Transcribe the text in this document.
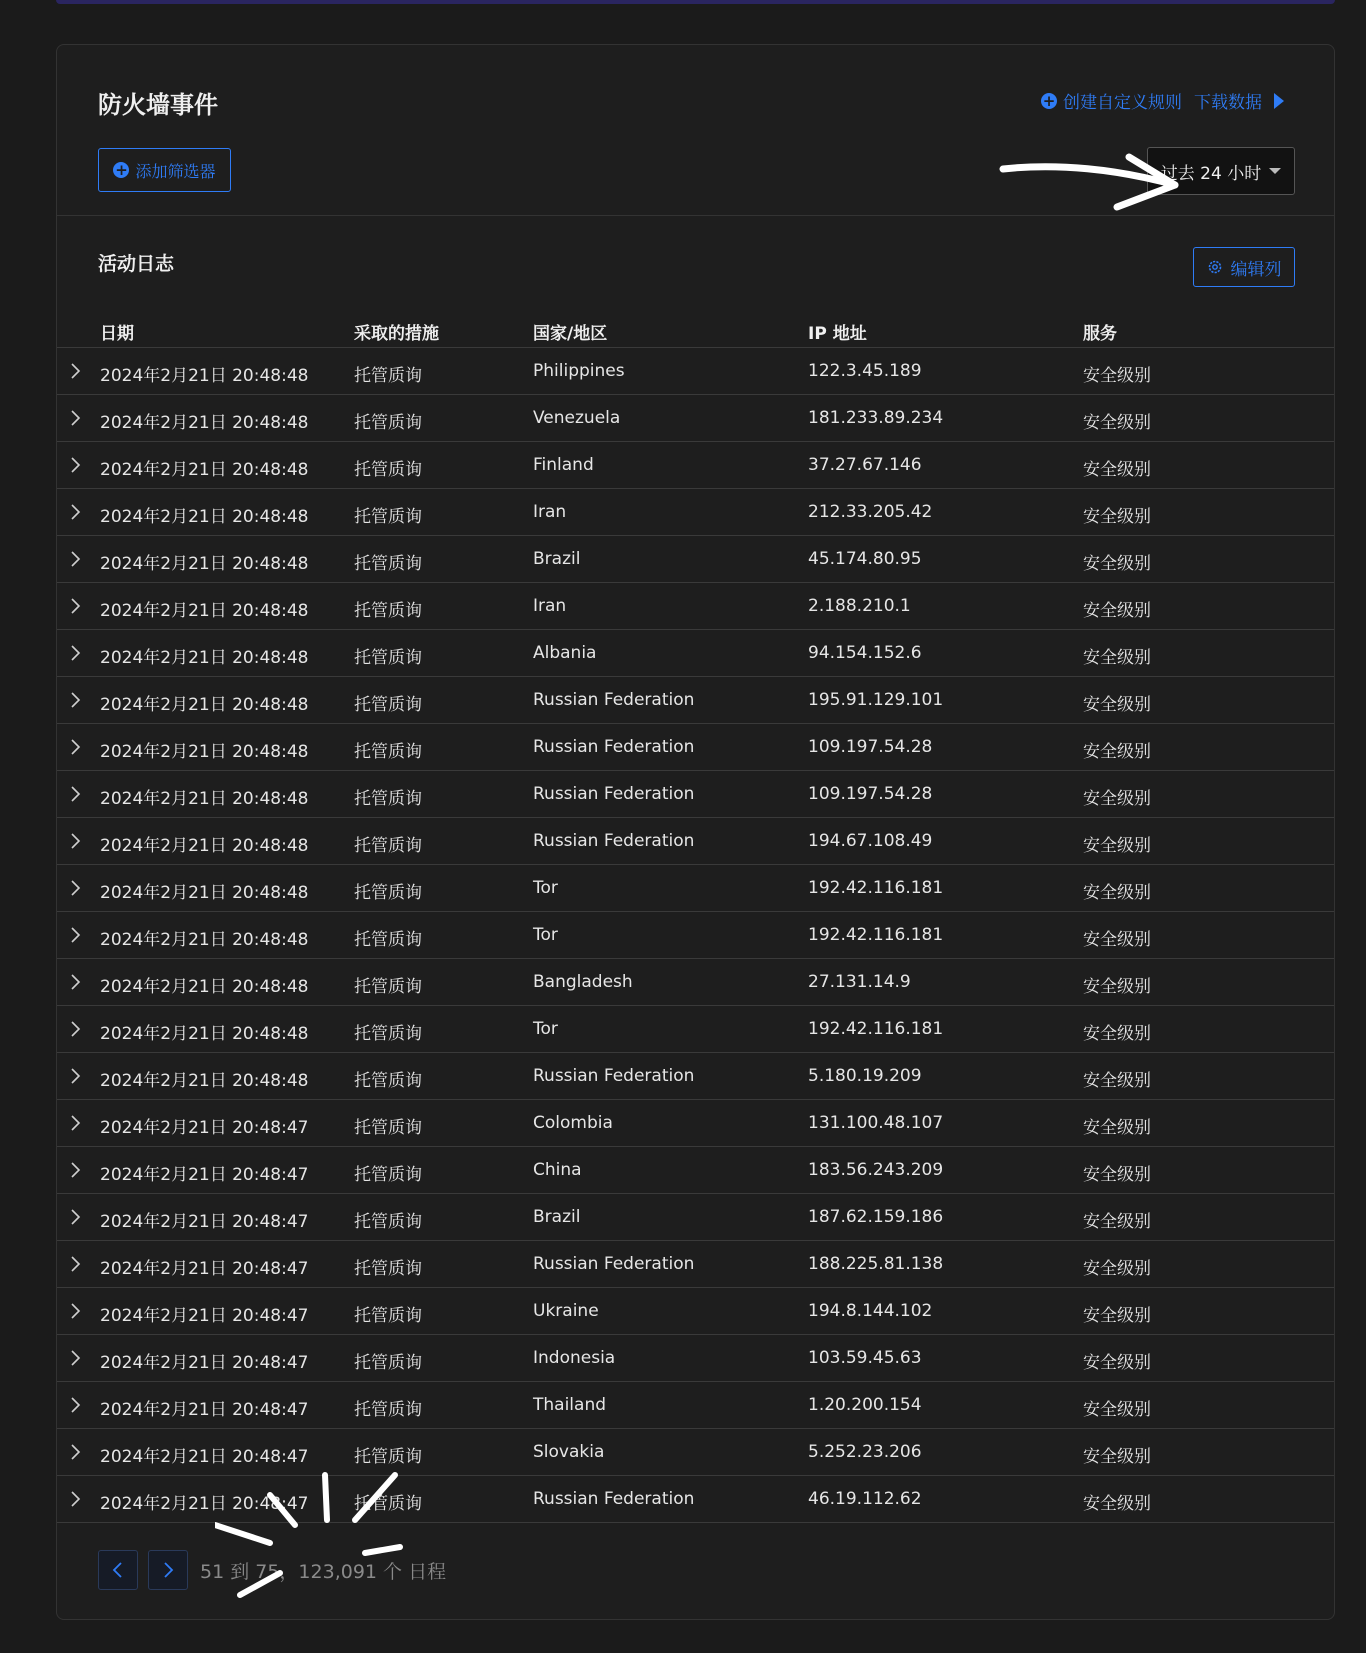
防火墙事件	+ 创建自定义规则 下载数据
+ 添加筛选器	过去 24 小时
活动日志	编辑列
日期	采取的措施	国家/地区	IP 地址	服务
2024年2月21日 20:48:48	托管质询	Philippines	122.3.45.189	安全级别
2024年2月21日 20:48:48	托管质询	Venezuela	181.233.89.234	安全级别
2024年2月21日 20:48:48	托管质询	Finland	37.27.67.146	安全级别
2024年2月21日 20:48:48	托管质询	Iran	212.33.205.42	安全级别
2024年2月21日 20:48:48	托管质询	Brazil	45.174.80.95	安全级别
2024年2月21日 20:48:48	托管质询	Iran	2.188.210.1	安全级别
2024年2月21日 20:48:48	托管质询	Albania	94.154.152.6	安全级别
2024年2月21日 20:48:48	托管质询	Russian Federation	195.91.129.101	安全级别
2024年2月21日 20:48:48	托管质询	Russian Federation	109.197.54.28	安全级别
2024年2月21日 20:48:48	托管质询	Russian Federation	109.197.54.28	安全级别
2024年2月21日 20:48:48	托管质询	Russian Federation	194.67.108.49	安全级别
2024年2月21日 20:48:48	托管质询	Tor	192.42.116.181	安全级别
2024年2月21日 20:48:48	托管质询	Tor	192.42.116.181	安全级别
2024年2月21日 20:48:48	托管质询	Bangladesh	27.131.14.9	安全级别
2024年2月21日 20:48:48	托管质询	Tor	192.42.116.181	安全级别
2024年2月21日 20:48:48	托管质询	Russian Federation	5.180.19.209	安全级别
2024年2月21日 20:48:47	托管质询	Colombia	131.100.48.107	安全级别
2024年2月21日 20:48:47	托管质询	China	183.56.243.209	安全级别
2024年2月21日 20:48:47	托管质询	Brazil	187.62.159.186	安全级别
2024年2月21日 20:48:47	托管质询	Russian Federation	188.225.81.138	安全级别
2024年2月21日 20:48:47	托管质询	Ukraine	194.8.144.102	安全级别
2024年2月21日 20:48:47	托管质询	Indonesia	103.59.45.63	安全级别
2024年2月21日 20:48:47	托管质询	Thailand	1.20.200.154	安全级别
2024年2月21日 20:48:47	托管质询	Slovakia	5.252.23.206	安全级别
2024年2月21日 20:48:47	托管质询	Russian Federation	46.19.112.62	安全级别
51 到 75，123,091 个 日程
